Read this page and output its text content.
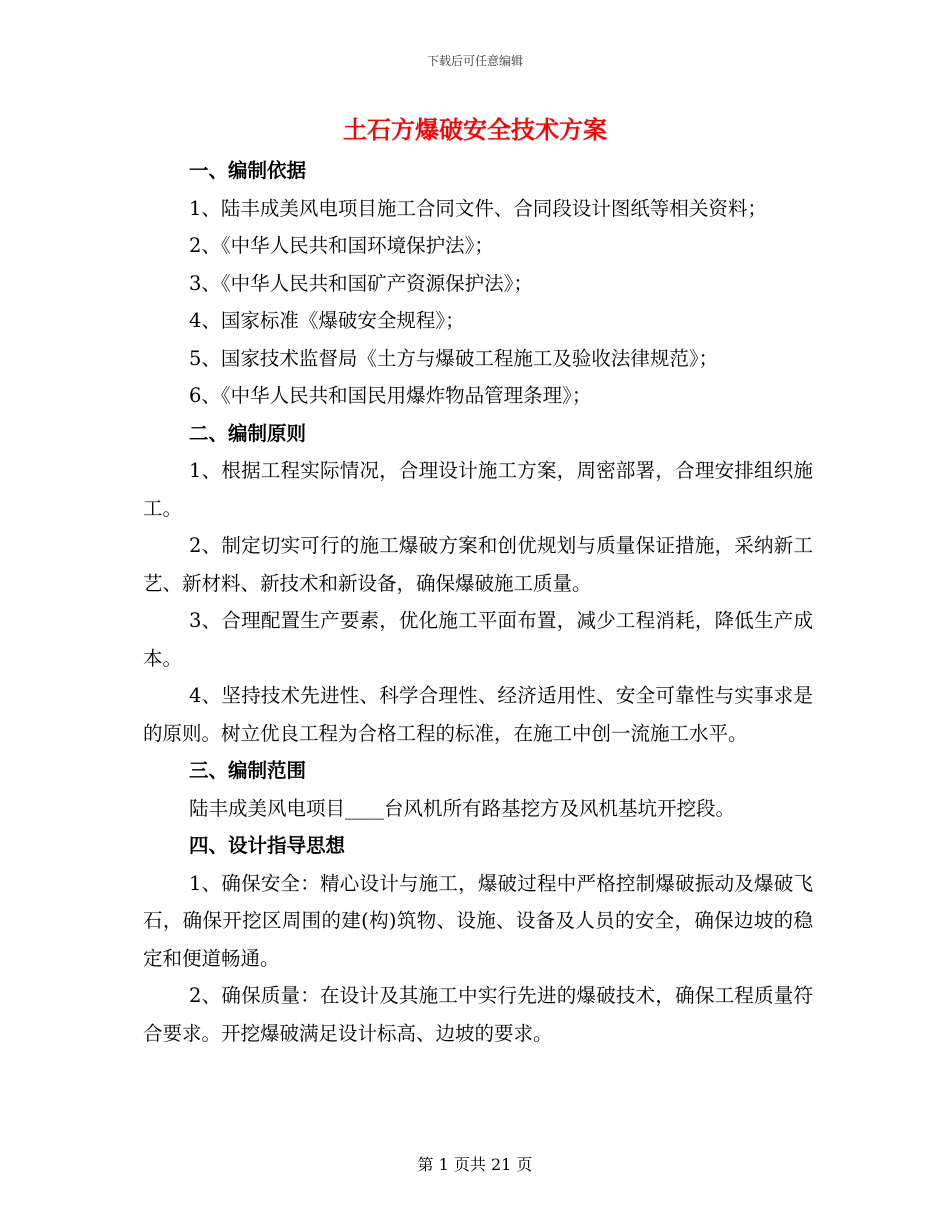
下载后可任意编辑
土石方爆破安全技术方案

一、编制依据

1、陆丰成美风电项目施工合同文件、合同段设计图纸等相关资料；

2、《中华人民共和国环境保护法》；

3、《中华人民共和国矿产资源保护法》；

4、国家标准《爆破安全规程》；

5、国家技术监督局《土方与爆破工程施工及验收法律规范》；

6、《中华人民共和国民用爆炸物品管理条理》；

二、编制原则

1、根据工程实际情况，合理设计施工方案，周密部署，合理安排组织施工。

2、制定切实可行的施工爆破方案和创优规划与质量保证措施，采纳新工艺、新材料、新技术和新设备，确保爆破施工质量。

3、合理配置生产要素，优化施工平面布置，减少工程消耗，降低生产成本。

4、坚持技术先进性、科学合理性、经济适用性、安全可靠性与实事求是的原则。树立优良工程为合格工程的标准，在施工中创一流施工水平。

三、编制范围

陆丰成美风电项目____台风机所有路基挖方及风机基坑开挖段。

四、设计指导思想

1、确保安全：精心设计与施工，爆破过程中严格控制爆破振动及爆破飞石，确保开挖区周围的建(构)筑物、设施、设备及人员的安全，确保边坡的稳定和便道畅通。

2、确保质量：在设计及其施工中实行先进的爆破技术，确保工程质量符合要求。开挖爆破满足设计标高、边坡的要求。

第 1 页共 21 页
